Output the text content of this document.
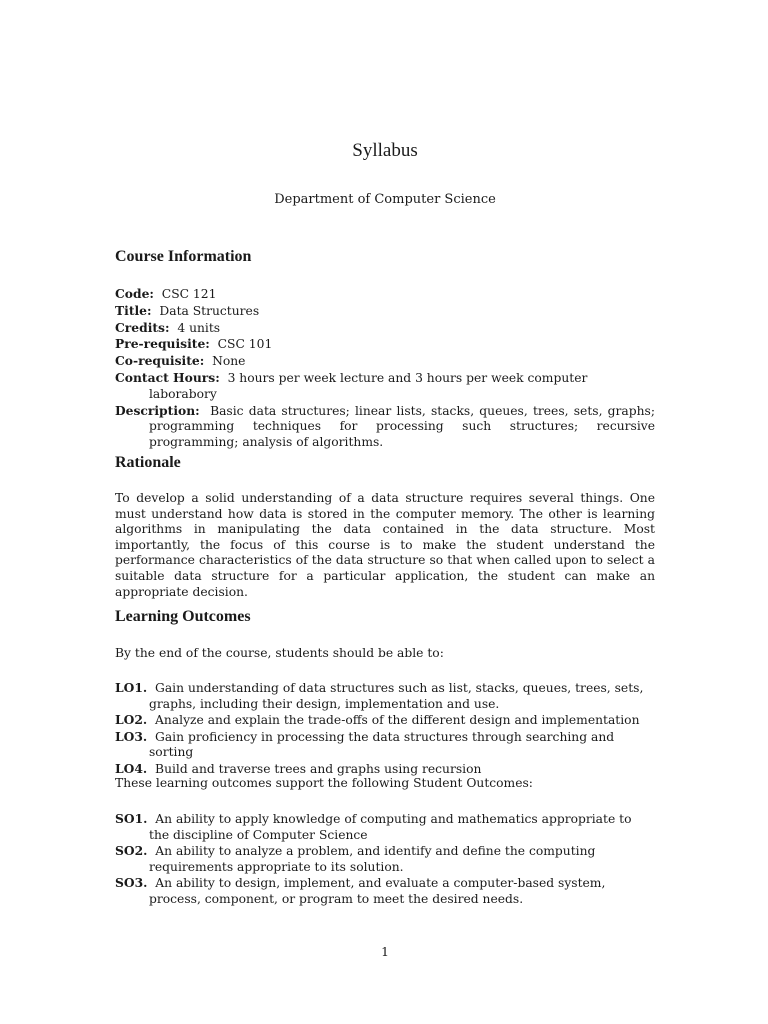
Syllabus

Department of Computer Science

Course Information
Code: CSC 121
Title: Data Structures
Credits: 4 units
Pre-requisite: CSC 101
Co-requisite: None
Contact Hours: 3 hours per week lecture and 3 hours per week computer laborabory
Description: Basic data structures; linear lists, stacks, queues, trees, sets, graphs; programming techniques for processing such structures; recursive programming; analysis of algorithms.
Rationale

To develop a solid understanding of a data structure requires several things. One must understand how data is stored in the computer memory. The other is learning algorithms in manipulating the data contained in the data structure. Most importantly, the focus of this course is to make the student understand the performance characteristics of the data structure so that when called upon to select a suitable data structure for a particular application, the student can make an appropriate decision.

Learning Outcomes

By the end of the course, students should be able to:

LO1. Gain understanding of data structures such as list, stacks, queues, trees, sets, graphs, including their design, implementation and use.
LO2. Analyze and explain the trade-offs of the different design and implementation
LO3. Gain proficiency in processing the data structures through searching and sorting
LO4. Build and traverse trees and graphs using recursion

These learning outcomes support the following Student Outcomes:

SO1. An ability to apply knowledge of computing and mathematics appropriate to the discipline of Computer Science
SO2. An ability to analyze a problem, and identify and define the computing requirements appropriate to its solution.
SO3. An ability to design, implement, and evaluate a computer-based system, process, component, or program to meet the desired needs.

1
